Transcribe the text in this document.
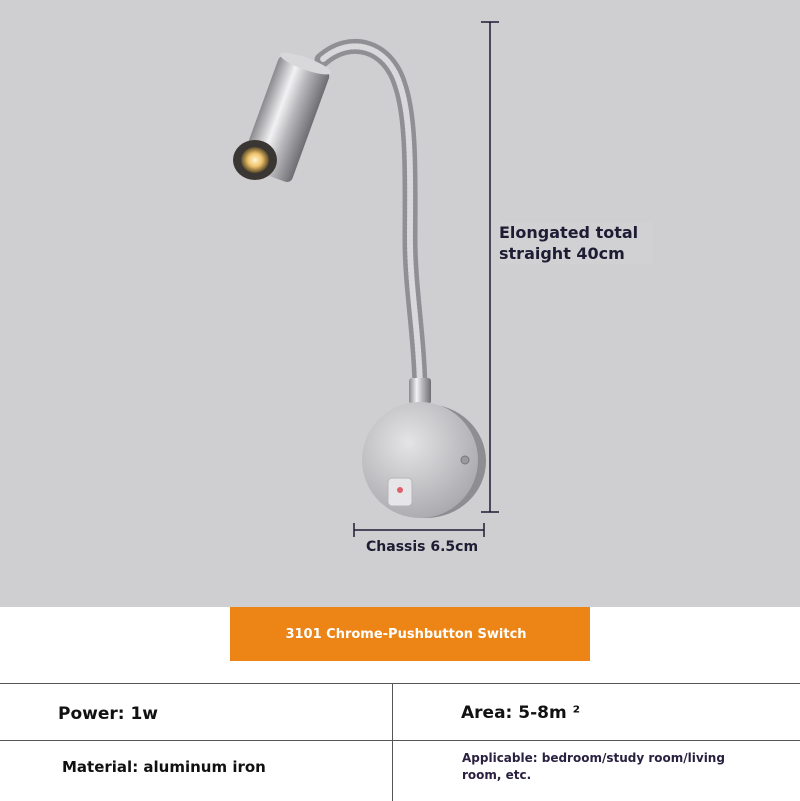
Elongated total straight 40cm
Chassis 6.5cm
3101 Chrome-Pushbutton Switch
Power: 1w	Area: 5-8m ²
Material: aluminum iron	Applicable: bedroom/study room/living room, etc.
